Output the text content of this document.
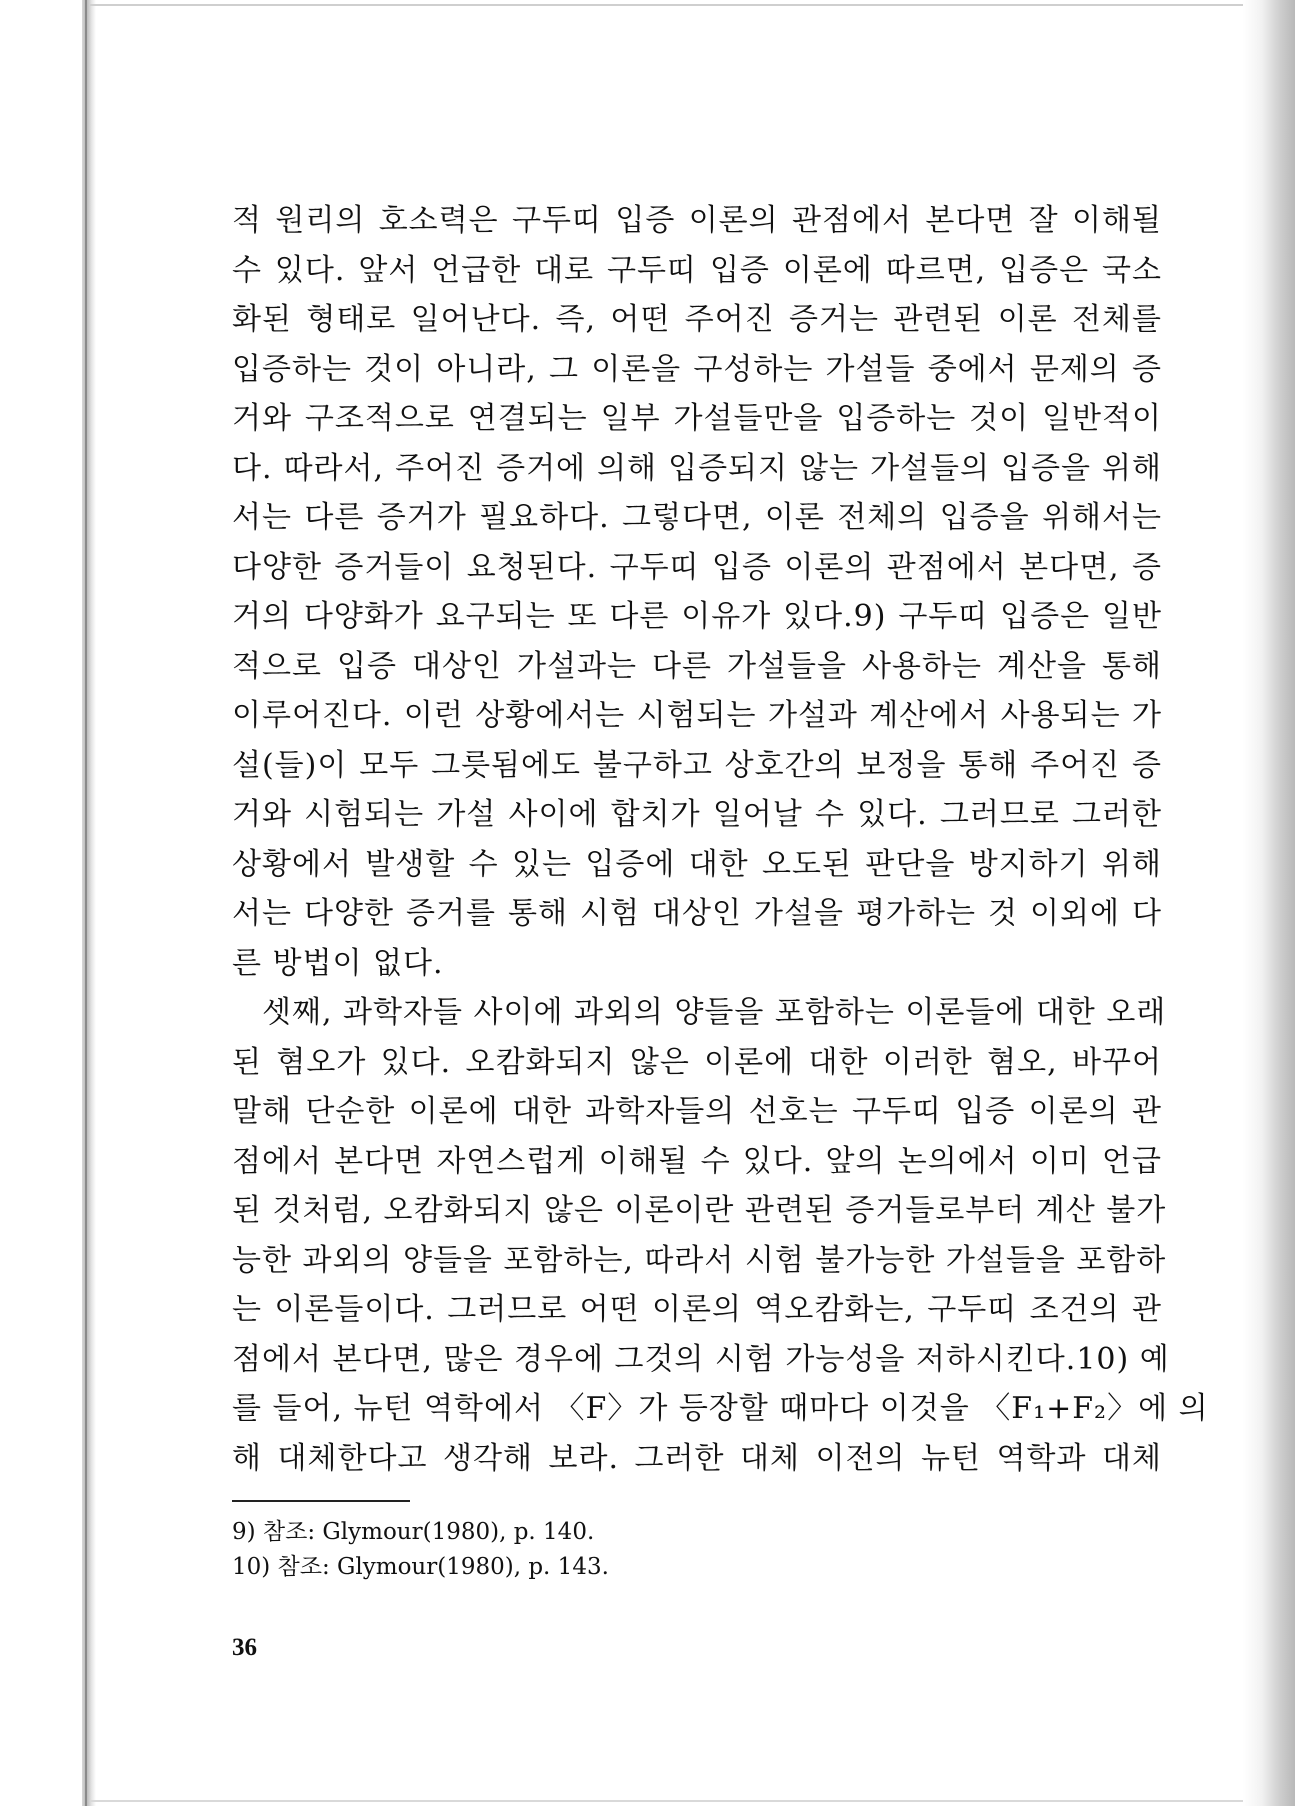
적 원리의 호소력은 구두띠 입증 이론의 관점에서 본다면 잘 이해될
수 있다. 앞서 언급한 대로 구두띠 입증 이론에 따르면, 입증은 국소
화된 형태로 일어난다. 즉, 어떤 주어진 증거는 관련된 이론 전체를
입증하는 것이 아니라, 그 이론을 구성하는 가설들 중에서 문제의 증
거와 구조적으로 연결되는 일부 가설들만을 입증하는 것이 일반적이
다. 따라서, 주어진 증거에 의해 입증되지 않는 가설들의 입증을 위해
서는 다른 증거가 필요하다. 그렇다면, 이론 전체의 입증을 위해서는
다양한 증거들이 요청된다. 구두띠 입증 이론의 관점에서 본다면, 증
거의 다양화가 요구되는 또 다른 이유가 있다.9) 구두띠 입증은 일반
적으로 입증 대상인 가설과는 다른 가설들을 사용하는 계산을 통해
이루어진다. 이런 상황에서는 시험되는 가설과 계산에서 사용되는 가
설(들)이 모두 그릇됨에도 불구하고 상호간의 보정을 통해 주어진 증
거와 시험되는 가설 사이에 합치가 일어날 수 있다. 그러므로 그러한
상황에서 발생할 수 있는 입증에 대한 오도된 판단을 방지하기 위해
서는 다양한 증거를 통해 시험 대상인 가설을 평가하는 것 이외에 다
른 방법이 없다.
셋째, 과학자들 사이에 과외의 양들을 포함하는 이론들에 대한 오래
된 혐오가 있다. 오캄화되지 않은 이론에 대한 이러한 혐오, 바꾸어
말해 단순한 이론에 대한 과학자들의 선호는 구두띠 입증 이론의 관
점에서 본다면 자연스럽게 이해될 수 있다. 앞의 논의에서 이미 언급
된 것처럼, 오캄화되지 않은 이론이란 관련된 증거들로부터 계산 불가
능한 과외의 양들을 포함하는, 따라서 시험 불가능한 가설들을 포함하
는 이론들이다. 그러므로 어떤 이론의 역오캄화는, 구두띠 조건의 관
점에서 본다면, 많은 경우에 그것의 시험 가능성을 저하시킨다.10) 예
를 들어, 뉴턴 역학에서 〈F〉가 등장할 때마다 이것을 〈F₁+F₂〉에 의
해 대체한다고 생각해 보라. 그러한 대체 이전의 뉴턴 역학과 대체
9) 참조: Glymour(1980), p. 140.
10) 참조: Glymour(1980), p. 143.
36
